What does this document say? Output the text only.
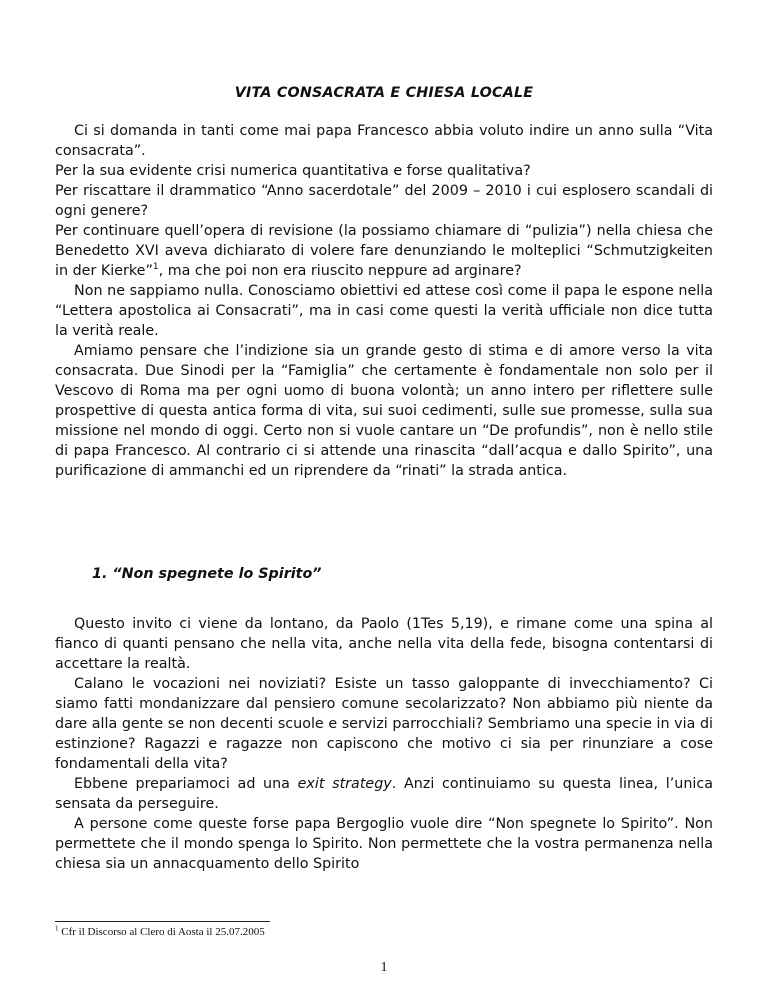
VITA CONSACRATA E CHIESA LOCALE

Ci si domanda in tanti come mai papa Francesco abbia voluto indire un anno sulla “Vita consacrata”.

Per la sua evidente crisi numerica quantitativa e forse qualitativa?

Per riscattare il drammatico “Anno sacerdotale” del 2009 – 2010 i cui esplosero scandali di ogni genere?

Per continuare quell’opera di revisione (la possiamo chiamare di “pulizia”) nella chiesa che Benedetto XVI aveva dichiarato di volere fare denunziando le molteplici “Schmutzigkeiten in der Kierke”$^1$, ma che poi non era riuscito neppure ad arginare?

Non ne sappiamo nulla. Conosciamo obiettivi ed attese così come il papa le espone nella “Lettera apostolica ai Consacrati”, ma in casi come questi la verità ufficiale non dice tutta la verità reale.

Amiamo pensare che l’indizione sia un grande gesto di stima e di amore verso la vita consacrata. Due Sinodi per la “Famiglia” che certamente è fondamentale non solo per il Vescovo di Roma ma per ogni uomo di buona volontà; un anno intero per riflettere sulle prospettive di questa antica forma di vita, sui suoi cedimenti, sulle sue promesse, sulla sua missione nel mondo di oggi. Certo non si vuole cantare un “De profundis”, non è nello stile di papa Francesco. Al contrario ci si attende una rinascita “dall’acqua e dallo Spirito”, una purificazione di ammanchi ed un riprendere da “rinati” la strada antica.

1. “Non spegnete lo Spirito”

Questo invito ci viene da lontano, da Paolo (1Tes 5,19), e rimane come una spina al fianco di quanti pensano che nella vita, anche nella vita della fede, bisogna contentarsi di accettare la realtà.

Calano le vocazioni nei noviziati? Esiste un tasso galoppante di invecchiamento? Ci siamo fatti mondanizzare dal pensiero comune secolarizzato? Non abbiamo più niente da dare alla gente se non decenti scuole e servizi parrocchiali? Sembriamo una specie in via di estinzione? Ragazzi e ragazze non capiscono che motivo ci sia per rinunziare a cose fondamentali della vita?

Ebbene prepariamoci ad una exit strategy. Anzi continuiamo su questa linea, l’unica sensata da perseguire.

A persone come queste forse papa Bergoglio vuole dire “Non spegnete lo Spirito”. Non permettete che il mondo spenga lo Spirito. Non permettete che la vostra permanenza nella chiesa sia un annacquamento dello Spirito

$^1$ Cfr il Discorso al Clero di Aosta il 25.07.2005
1
